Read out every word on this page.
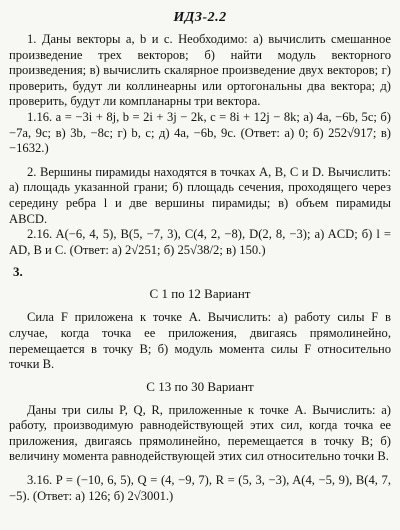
ИДЗ-2.2

1. Даны векторы a, b и c. Необходимо: а) вычислить смешанное произведение трех векторов; б) найти модуль векторного произведения; в) вычислить скалярное произведение двух векторов; г) проверить, будут ли коллинеарны или ортогональны два вектора; д) проверить, будут ли компланарны три вектора.

1.16. a = −3i + 8j, b = 2i + 3j − 2k, c = 8i + 12j − 8k; а) 4a, −6b, 5c; б) −7a, 9c; в) 3b, −8c; г) b, c; д) 4a, −6b, 9c. (Ответ: а) 0; б) 252√917; в) −1632.)

2. Вершины пирамиды находятся в точках A, B, C и D. Вычислить: а) площадь указанной грани; б) площадь сечения, проходящего через середину ребра l и две вершины пирамиды; в) объем пирамиды ABCD.

2.16. A(−6, 4, 5), B(5, −7, 3), C(4, 2, −8), D(2, 8, −3); а) ACD; б) l = AD, B и C. (Ответ: а) 2√251; б) 25√38/2; в) 150.)

3.
С 1 по 12 Вариант

Сила F приложена к точке A. Вычислить: а) работу силы F в случае, когда точка ее приложения, двигаясь прямолинейно, перемещается в точку B; б) модуль момента силы F относительно точки B.

С 13 по 30 Вариант

Даны три силы P, Q, R, приложенные к точке A. Вычислить: а) работу, производимую равнодействующей этих сил, когда точка ее приложения, двигаясь прямолинейно, перемещается в точку B; б) величину момента равнодействующей этих сил относительно точки B.

3.16. P = (−10, 6, 5), Q = (4, −9, 7), R = (5, 3, −3), A(4, −5, 9), B(4, 7, −5). (Ответ: а) 126; б) 2√3001.)
